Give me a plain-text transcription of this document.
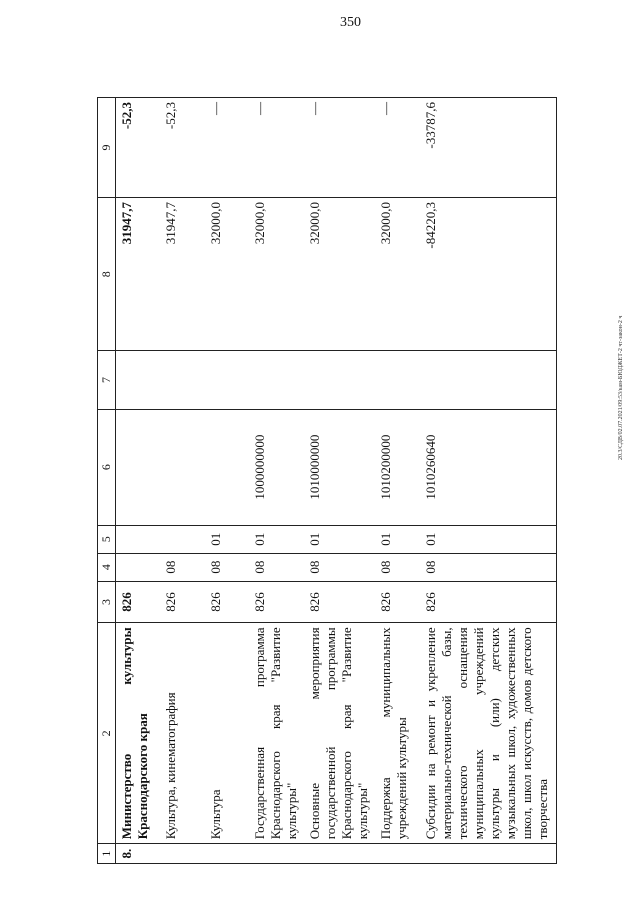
350
20.3/СДВ/02.07.2021/09:53/кам-БЮДЖЕТ-2 чт-закон-2 ч
1	2	3	4	5	6	7	8	9
8.	Министерство культуры Краснодарского края	826					31947,7	-52,3
	Культура, кинематография	826	08				31947,7	-52,3
	Культура	826	08	01			32000,0	—
	Государственная программа Краснодарского края "Развитие культуры"	826	08	01	1000000000		32000,0	—
	Основные мероприятия государственной программы Краснодарского края "Развитие культуры"	826	08	01	1010000000		32000,0	—
	Поддержка муниципальных учреждений культуры	826	08	01	1010200000		32000,0	—
	Субсидии на ремонт и укрепление материально-технической базы, технического оснащения муниципальных учреждений культуры и (или) детских музыкальных школ, художественных школ, школ искусств, домов детского творчества	826	08	01	1010260640		-84220,3	-33787,6
